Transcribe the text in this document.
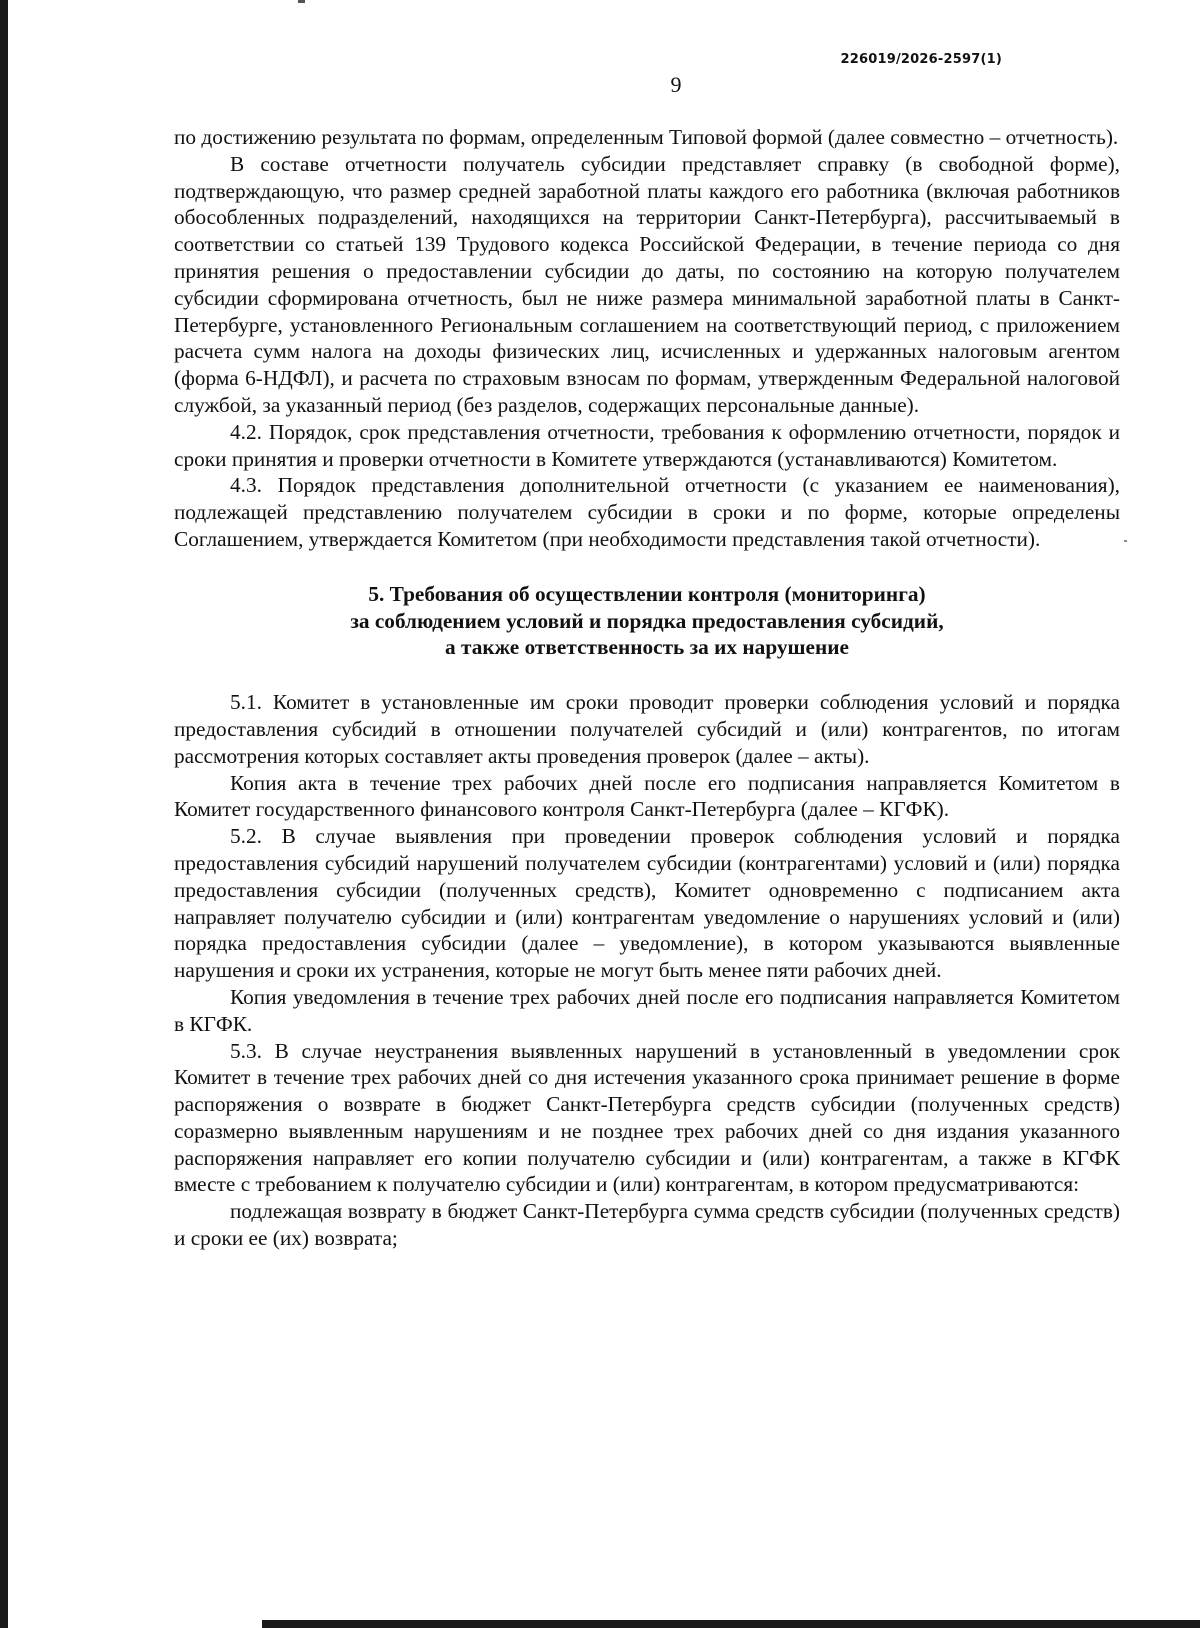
226019/2026-2597(1)
9

по достижению результата по формам, определенным Типовой формой (далее совместно – отчетность).

В составе отчетности получатель субсидии представляет справку (в свободной форме), подтверждающую, что размер средней заработной платы каждого его работника (включая работников обособленных подразделений, находящихся на территории Санкт-Петербурга), рассчитываемый в соответствии со статьей 139 Трудового кодекса Российской Федерации, в течение периода со дня принятия решения о предоставлении субсидии до даты, по состоянию на которую получателем субсидии сформирована отчетность, был не ниже размера минимальной заработной платы в Санкт-Петербурге, установленного Региональным соглашением на соответствующий период, с приложением расчета сумм налога на доходы физических лиц, исчисленных и удержанных налоговым агентом (форма 6-НДФЛ), и расчета по страховым взносам по формам, утвержденным Федеральной налоговой службой, за указанный период (без разделов, содержащих персональные данные).

4.2. Порядок, срок представления отчетности, требования к оформлению отчетности, порядок и сроки принятия и проверки отчетности в Комитете утверждаются (устанавливаются) Комитетом.

4.3. Порядок представления дополнительной отчетности (с указанием ее наименования), подлежащей представлению получателем субсидии в сроки и по форме, которые определены Соглашением, утверждается Комитетом (при необходимости представления такой отчетности).

5. Требования об осуществлении контроля (мониторинга)
за соблюдением условий и порядка предоставления субсидий,
а также ответственность за их нарушение

5.1. Комитет в установленные им сроки проводит проверки соблюдения условий и порядка предоставления субсидий в отношении получателей субсидий и (или) контрагентов, по итогам рассмотрения которых составляет акты проведения проверок (далее – акты).

Копия акта в течение трех рабочих дней после его подписания направляется Комитетом в Комитет государственного финансового контроля Санкт-Петербурга (далее – КГФК).

5.2. В случае выявления при проведении проверок соблюдения условий и порядка предоставления субсидий нарушений получателем субсидии (контрагентами) условий и (или) порядка предоставления субсидии (полученных средств), Комитет одновременно с подписанием акта направляет получателю субсидии и (или) контрагентам уведомление о нарушениях условий и (или) порядка предоставления субсидии (далее – уведомление), в котором указываются выявленные нарушения и сроки их устранения, которые не могут быть менее пяти рабочих дней.

Копия уведомления в течение трех рабочих дней после его подписания направляется Комитетом в КГФК.

5.3. В случае неустранения выявленных нарушений в установленный в уведомлении срок Комитет в течение трех рабочих дней со дня истечения указанного срока принимает решение в форме распоряжения о возврате в бюджет Санкт-Петербурга средств субсидии (полученных средств) соразмерно выявленным нарушениям и не позднее трех рабочих дней со дня издания указанного распоряжения направляет его копии получателю субсидии и (или) контрагентам, а также в КГФК вместе с требованием к получателю субсидии и (или) контрагентам, в котором предусматриваются:

подлежащая возврату в бюджет Санкт-Петербурга сумма средств субсидии (полученных средств) и сроки ее (их) возврата;
